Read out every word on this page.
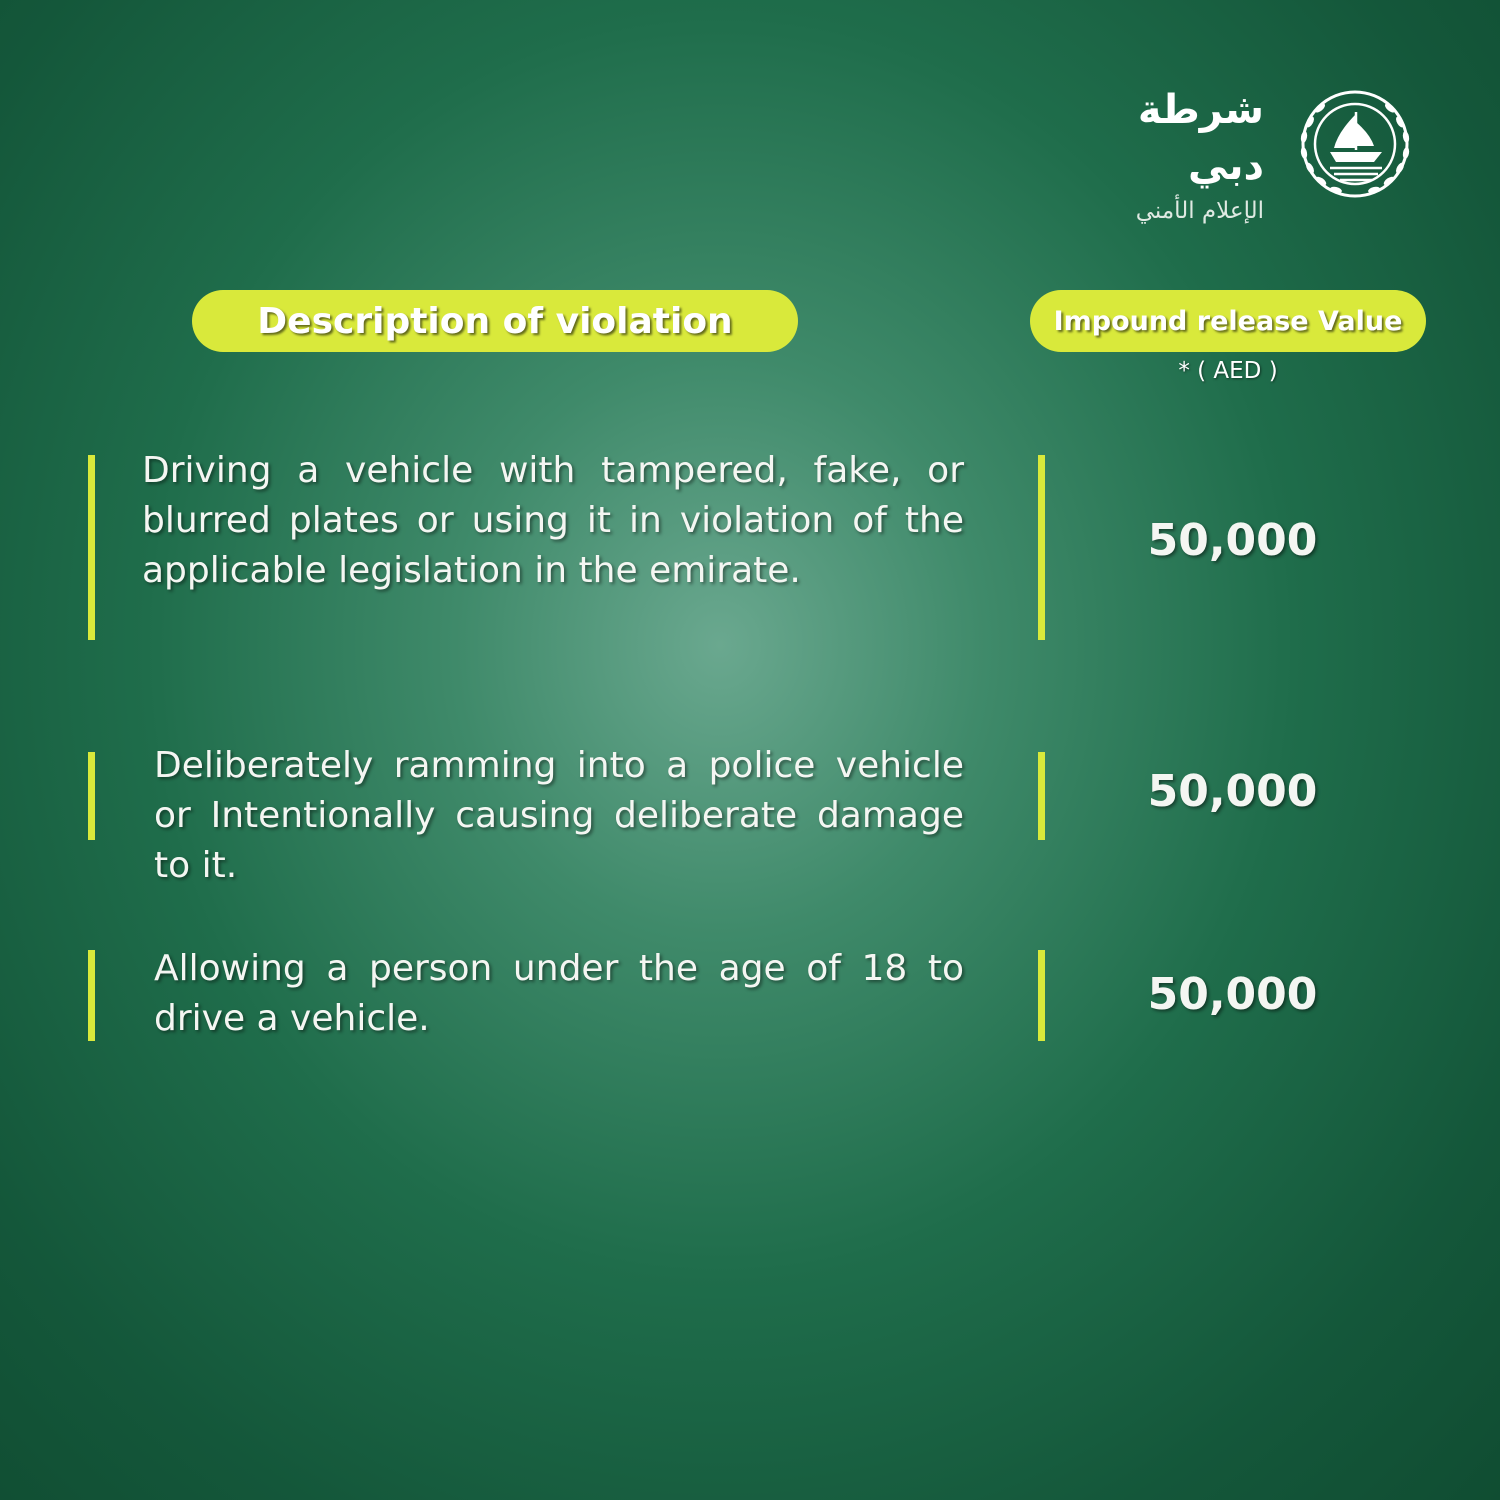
شرطة دبي
الإعلام الأمني
Description of violation	Impound release Value
* ( AED )

Driving a vehicle with tampered, fake, or blurred plates or using it in violation of the applicable legislation in the emirate.

50,000

Deliberately ramming into a police vehicle or Intentionally causing deliberate damage to it.

50,000

Allowing a person under the age of 18 to drive a vehicle.	50,000
